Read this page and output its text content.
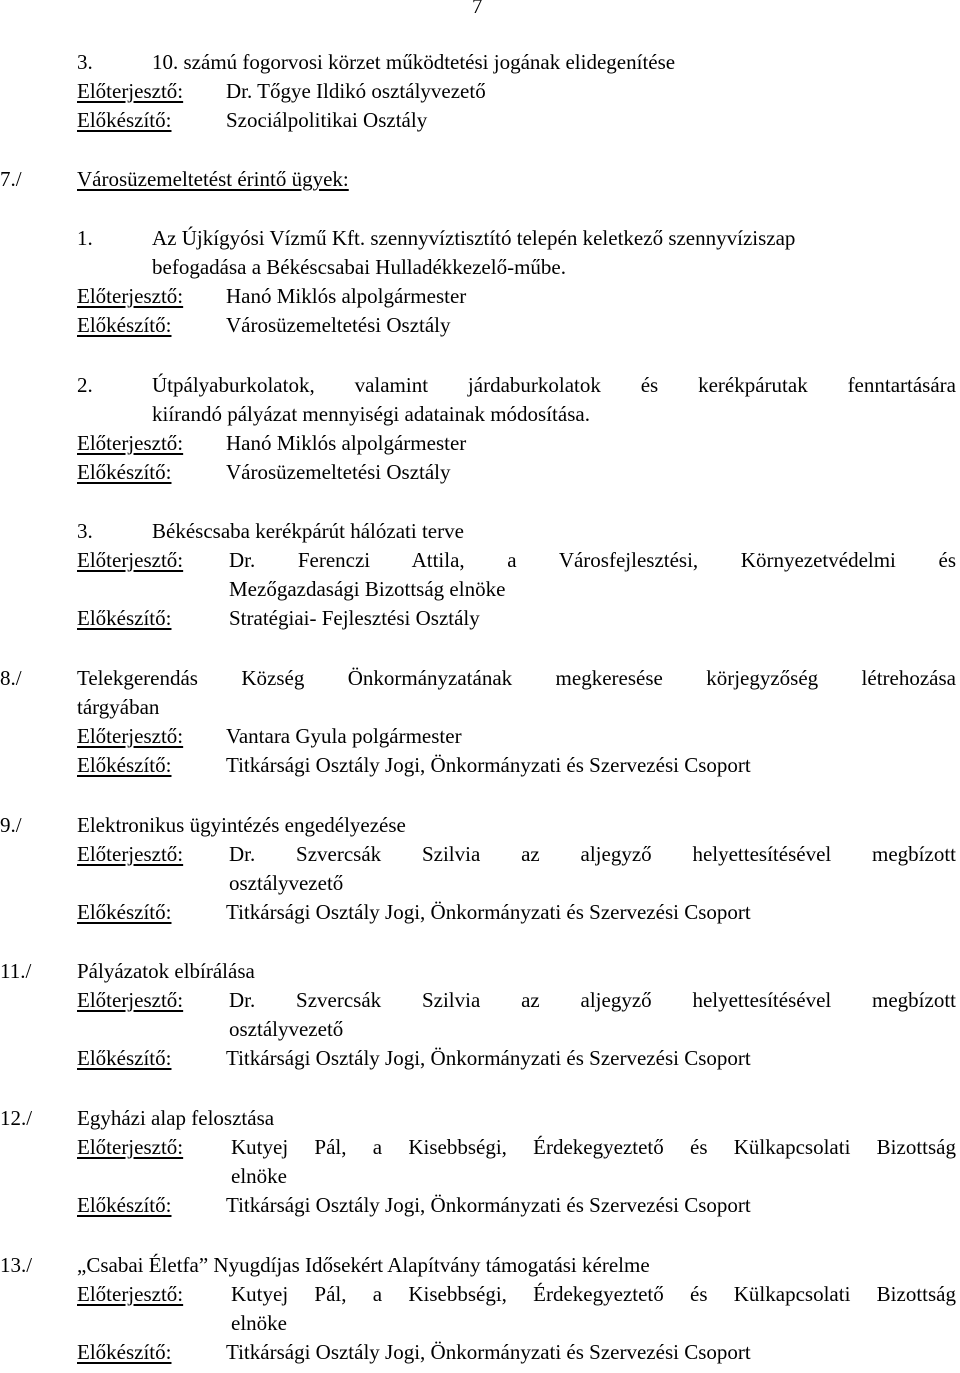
7
3.	10. számú fogorvosi körzet működtetési jogának elidegenítése
Előterjesztő: Dr. Tőgye Ildikó osztályvezető
Előkészítő:	Szociálpolitikai Osztály
7./	Városüzemeltetést érintő ügyek:
1.	Az Újkígyósi Vízmű Kft. szennyvíztisztító telepén keletkező szennyvíziszap
befogadása a Békéscsabai Hulladékkezelő-műbe.
Előterjesztő: Hanó Miklós alpolgármester
Előkészítő:	Városüzemeltetési Osztály
2.	Útpályaburkolatok, valamint járdaburkolatok és kerékpárutak fenntartására
kiírandó pályázat mennyiségi adatainak módosítása.
Előterjesztő: Hanó Miklós alpolgármester
Előkészítő:	Városüzemeltetési Osztály
3.	Békéscsaba kerékpárút hálózati terve
Előterjesztő: Dr. Ferenczi Attila, a Városfejlesztési, Környezetvédelmi és
Mezőgazdasági Bizottság elnöke
Előkészítő:	Stratégiai- Fejlesztési Osztály
8./	Telekgerendás Község Önkormányzatának megkeresése körjegyzőség létrehozása
tárgyában
Előterjesztő: Vantara Gyula polgármester
Előkészítő:	Titkársági Osztály Jogi, Önkormányzati és Szervezési Csoport
9./	Elektronikus ügyintézés engedélyezése
Előterjesztő: Dr. Szvercsák Szilvia az aljegyző helyettesítésével megbízott
osztályvezető
Előkészítő:	Titkársági Osztály Jogi, Önkormányzati és Szervezési Csoport
11./ Pályázatok elbírálása
Előterjesztő: Dr. Szvercsák Szilvia az aljegyző helyettesítésével megbízott
osztályvezető
Előkészítő:	Titkársági Osztály Jogi, Önkormányzati és Szervezési Csoport
12./ Egyházi alap felosztása
Előterjesztő: Kutyej Pál, a Kisebbségi, Érdekegyeztető és Külkapcsolati Bizottság
elnöke
Előkészítő:	Titkársági Osztály Jogi, Önkormányzati és Szervezési Csoport
13./ „Csabai Életfa” Nyugdíjas Idősekért Alapítvány támogatási kérelme
Előterjesztő: Kutyej Pál, a Kisebbségi, Érdekegyeztető és Külkapcsolati Bizottság
elnöke
Előkészítő:	Titkársági Osztály Jogi, Önkormányzati és Szervezési Csoport
